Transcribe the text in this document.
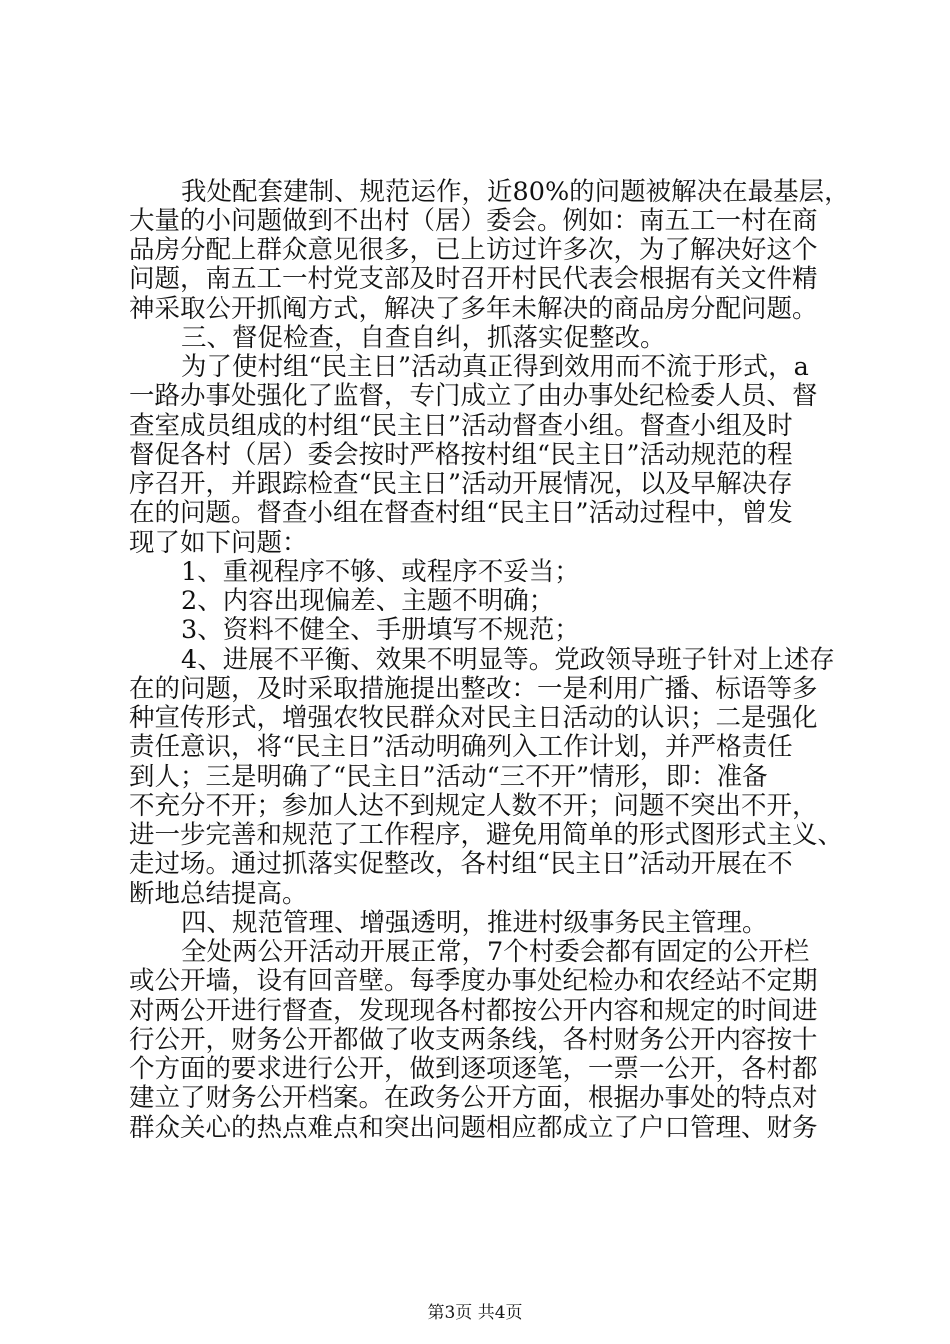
我处配套建制、规范运作，近80%的问题被解决在最基层，
大量的小问题做到不出村（居）委会。例如：南五工一村在商
品房分配上群众意见很多，已上访过许多次，为了解决好这个
问题，南五工一村党支部及时召开村民代表会根据有关文件精
神采取公开抓阄方式，解决了多年未解决的商品房分配问题。
三、督促检查，自查自纠，抓落实促整改。
为了使村组“民主日”活动真正得到效用而不流于形式，a
一路办事处强化了监督，专门成立了由办事处纪检委人员、督
查室成员组成的村组“民主日”活动督查小组。督查小组及时
督促各村（居）委会按时严格按村组“民主日”活动规范的程
序召开，并跟踪检查“民主日”活动开展情况，以及早解决存
在的问题。督查小组在督查村组“民主日”活动过程中，曾发
现了如下问题：
1、重视程序不够、或程序不妥当；
2、内容出现偏差、主题不明确；
3、资料不健全、手册填写不规范；
4、进展不平衡、效果不明显等。党政领导班子针对上述存
在的问题，及时采取措施提出整改：一是利用广播、标语等多
种宣传形式，增强农牧民群众对民主日活动的认识；二是强化
责任意识，将“民主日”活动明确列入工作计划，并严格责任
到人；三是明确了“民主日”活动“三不开”情形，即：准备
不充分不开；参加人达不到规定人数不开；问题不突出不开，
进一步完善和规范了工作程序，避免用简单的形式图形式主义、
走过场。通过抓落实促整改，各村组“民主日”活动开展在不
断地总结提高。
四、规范管理、增强透明，推进村级事务民主管理。
全处两公开活动开展正常，7个村委会都有固定的公开栏
或公开墙，设有回音壁。每季度办事处纪检办和农经站不定期
对两公开进行督查，发现现各村都按公开内容和规定的时间进
行公开，财务公开都做了收支两条线，各村财务公开内容按十
个方面的要求进行公开，做到逐项逐笔，一票一公开，各村都
建立了财务公开档案。在政务公开方面，根据办事处的特点对
群众关心的热点难点和突出问题相应都成立了户口管理、财务
第3页 共4页
